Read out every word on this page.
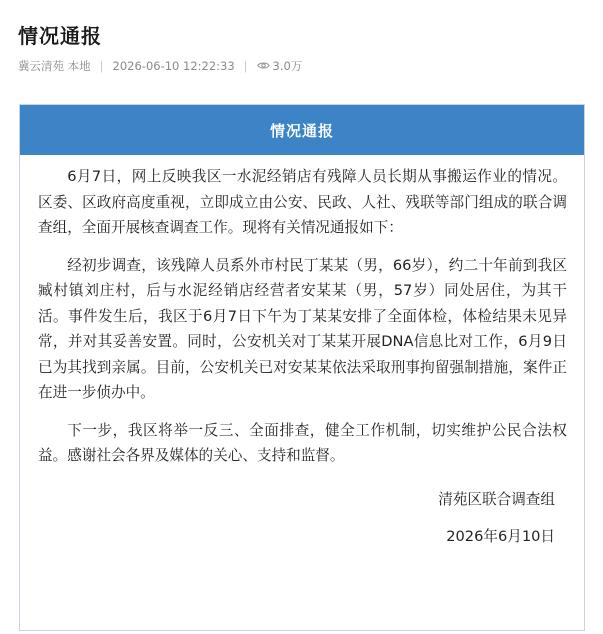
情况通报
冀云清苑 本地 | 2026-06-10 12:22:33 | 3.0万
情况通报

6月7日，网上反映我区一水泥经销店有残障人员长期从事搬运作业的情况。区委、区政府高度重视，立即成立由公安、民政、人社、残联等部门组成的联合调查组，全面开展核查调查工作。现将有关情况通报如下：

经初步调查，该残障人员系外市村民丁某某（男，66岁），约二十年前到我区臧村镇刘庄村，后与水泥经销店经营者安某某（男，57岁）同处居住，为其干活。事件发生后，我区于6月7日下午为丁某某安排了全面体检，体检结果未见异常，并对其妥善安置。同时，公安机关对丁某某开展DNA信息比对工作，6月9日已为其找到亲属。目前，公安机关已对安某某依法采取刑事拘留强制措施，案件正在进一步侦办中。

下一步，我区将举一反三、全面排查，健全工作机制，切实维护公民合法权益。感谢社会各界及媒体的关心、支持和监督。

清苑区联合调查组
2026年6月10日
